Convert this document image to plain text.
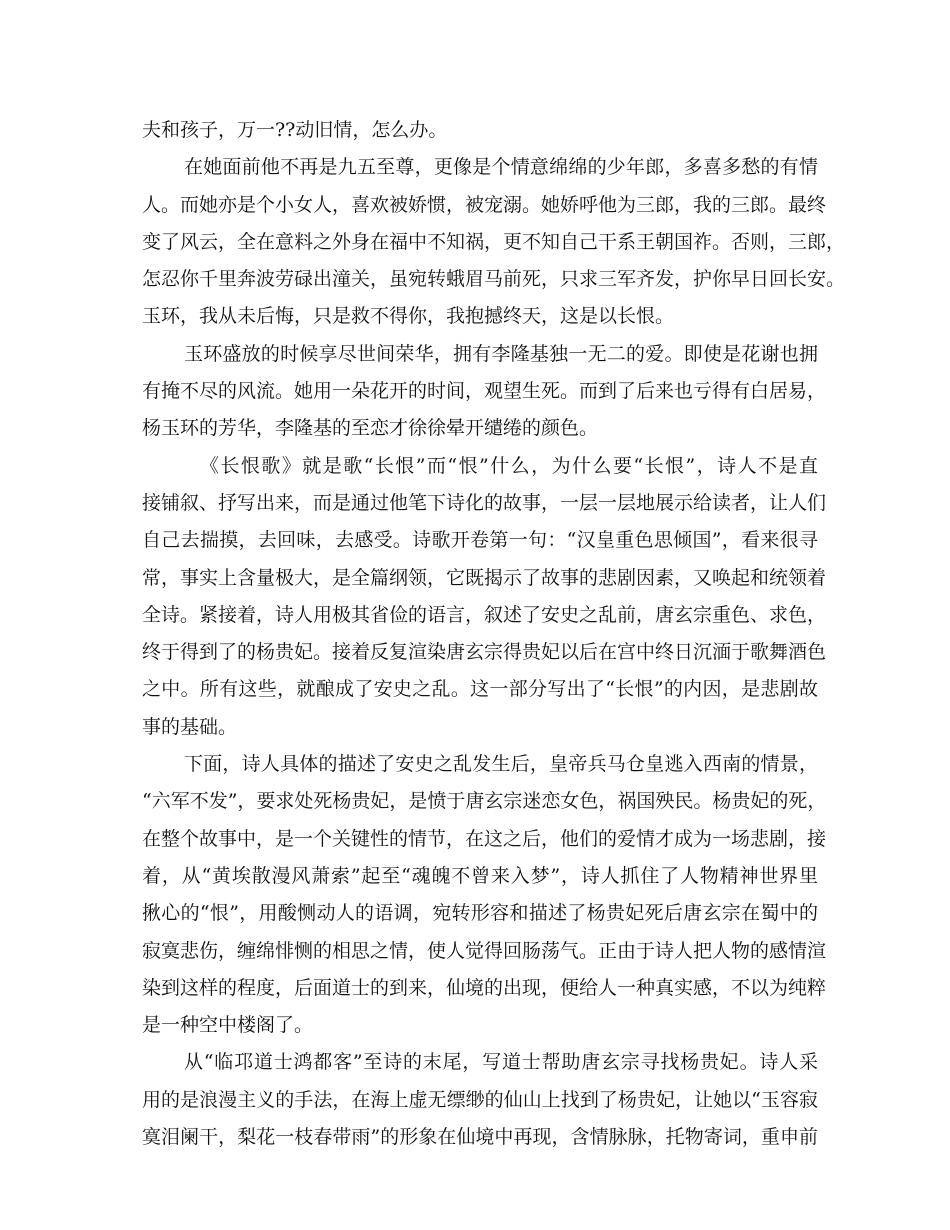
夫和孩子，万一??动旧情，怎么办。
在她面前他不再是九五至尊，更像是个情意绵绵的少年郎，多喜多愁的有情
人。而她亦是个小女人，喜欢被娇惯，被宠溺。她娇呼他为三郎，我的三郎。最终
变了风云，全在意料之外身在福中不知祸，更不知自己干系王朝国祚。否则，三郎，
怎忍你千里奔波劳碌出潼关，虽宛转蛾眉马前死，只求三军齐发，护你早日回长安。
玉环，我从未后悔，只是救不得你，我抱撼终天，这是以长恨。
玉环盛放的时候享尽世间荣华，拥有李隆基独一无二的爱。即使是花谢也拥
有掩不尽的风流。她用一朵花开的时间，观望生死。而到了后来也亏得有白居易，
杨玉环的芳华，李隆基的至恋才徐徐晕开缱绻的颜色。
《长恨歌》就是歌“长恨”而“恨”什么，为什么要“长恨”，诗人不是直
接铺叙、抒写出来，而是通过他笔下诗化的故事，一层一层地展示给读者，让人们
自己去揣摸，去回味，去感受。诗歌开卷第一句：“汉皇重色思倾国”，看来很寻
常，事实上含量极大，是全篇纲领，它既揭示了故事的悲剧因素，又唤起和统领着
全诗。紧接着，诗人用极其省俭的语言，叙述了安史之乱前，唐玄宗重色、求色，
终于得到了的杨贵妃。接着反复渲染唐玄宗得贵妃以后在宫中终日沉湎于歌舞酒色
之中。所有这些，就酿成了安史之乱。这一部分写出了“长恨”的内因，是悲剧故
事的基础。
下面，诗人具体的描述了安史之乱发生后，皇帝兵马仓皇逃入西南的情景，
“六军不发”，要求处死杨贵妃，是愤于唐玄宗迷恋女色，祸国殃民。杨贵妃的死，
在整个故事中，是一个关键性的情节，在这之后，他们的爱情才成为一场悲剧，接
着，从“黄埃散漫风萧索”起至“魂魄不曾来入梦”，诗人抓住了人物精神世界里
揪心的“恨”，用酸恻动人的语调，宛转形容和描述了杨贵妃死后唐玄宗在蜀中的
寂寞悲伤，缠绵悱恻的相思之情，使人觉得回肠荡气。正由于诗人把人物的感情渲
染到这样的程度，后面道士的到来，仙境的出现，便给人一种真实感，不以为纯粹
是一种空中楼阁了。
从“临邛道士鸿都客”至诗的末尾，写道士帮助唐玄宗寻找杨贵妃。诗人采
用的是浪漫主义的手法，在海上虚无缥缈的仙山上找到了杨贵妃，让她以“玉容寂
寞泪阑干，梨花一枝春带雨”的形象在仙境中再现，含情脉脉，托物寄词，重申前
